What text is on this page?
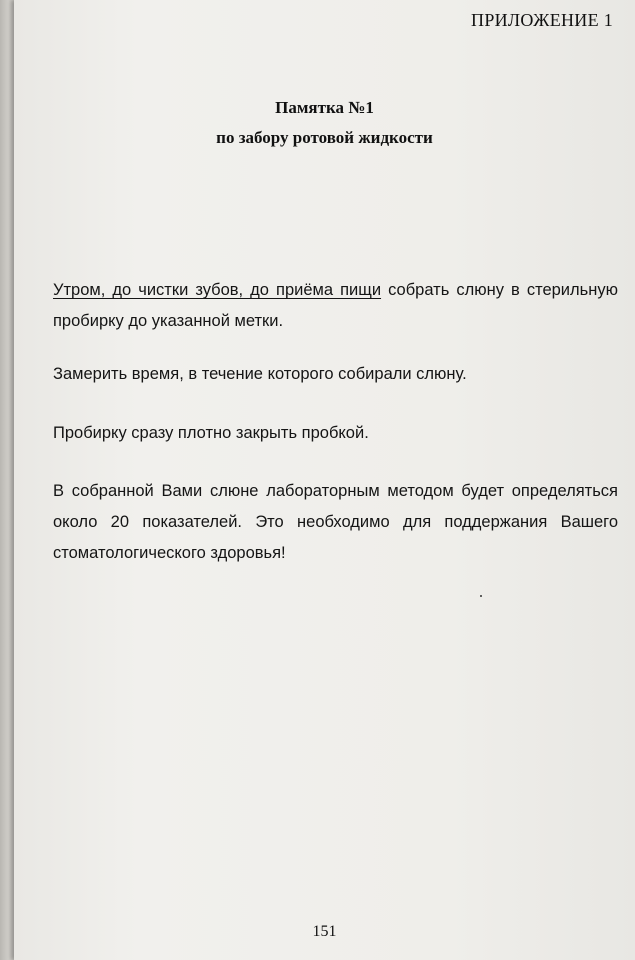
ПРИЛОЖЕНИЕ 1
Памятка №1
по забору ротовой жидкости
Утром, до чистки зубов, до приёма пищи собрать слюну в стерильную пробирку до указанной метки.
Замерить время, в течение которого собирали слюну.
Пробирку сразу плотно закрыть пробкой.
В собранной Вами слюне лабораторным методом будет определяться около 20 показателей. Это необходимо для поддержания Вашего стоматологического здоровья!
151
